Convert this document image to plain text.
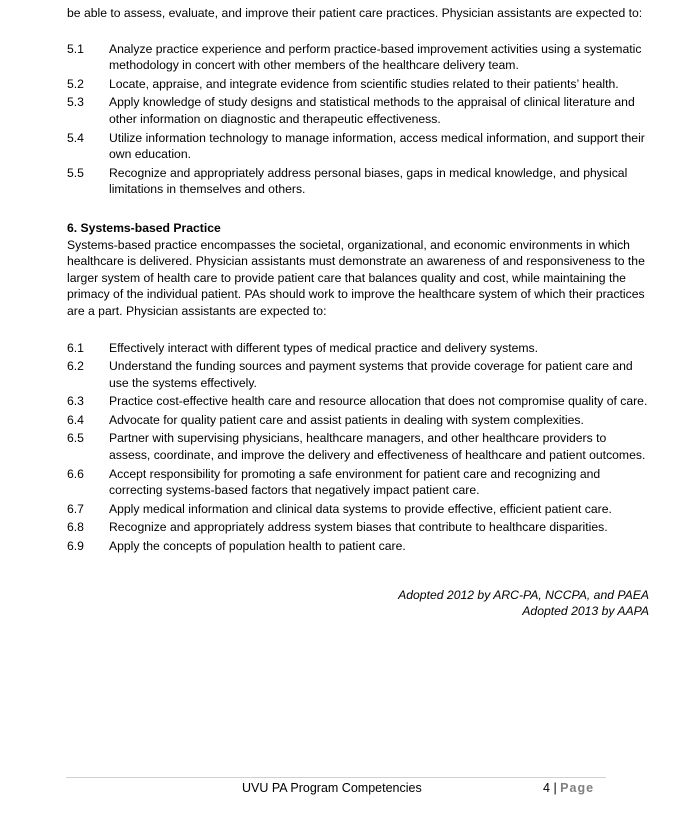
be able to assess, evaluate, and improve their patient care practices. Physician assistants are expected to:

5.1	Analyze practice experience and perform practice-based improvement activities using a systematic methodology in concert with other members of the healthcare delivery team.
5.2	Locate, appraise, and integrate evidence from scientific studies related to their patients’ health.
5.3	Apply knowledge of study designs and statistical methods to the appraisal of clinical literature and other information on diagnostic and therapeutic effectiveness.
5.4	Utilize information technology to manage information, access medical information, and support their own education.
5.5	Recognize and appropriately address personal biases, gaps in medical knowledge, and physical limitations in themselves and others.

6. Systems-based Practice

Systems-based practice encompasses the societal, organizational, and economic environments in which healthcare is delivered. Physician assistants must demonstrate an awareness of and responsiveness to the larger system of health care to provide patient care that balances quality and cost, while maintaining the primacy of the individual patient. PAs should work to improve the healthcare system of which their practices are a part. Physician assistants are expected to:

6.1	Effectively interact with different types of medical practice and delivery systems.
6.2	Understand the funding sources and payment systems that provide coverage for patient care and use the systems effectively.
6.3	Practice cost-effective health care and resource allocation that does not compromise quality of care.
6.4	Advocate for quality patient care and assist patients in dealing with system complexities.
6.5	Partner with supervising physicians, healthcare managers, and other healthcare providers to assess, coordinate, and improve the delivery and effectiveness of healthcare and patient outcomes.
6.6	Accept responsibility for promoting a safe environment for patient care and recognizing and correcting systems-based factors that negatively impact patient care.
6.7	Apply medical information and clinical data systems to provide effective, efficient patient care.
6.8	Recognize and appropriately address system biases that contribute to healthcare disparities.
6.9	Apply the concepts of population health to patient care.
Adopted 2012 by ARC-PA, NCCPA, and PAEA
Adopted 2013 by AAPA
UVU PA Program Competencies	4 | Page
